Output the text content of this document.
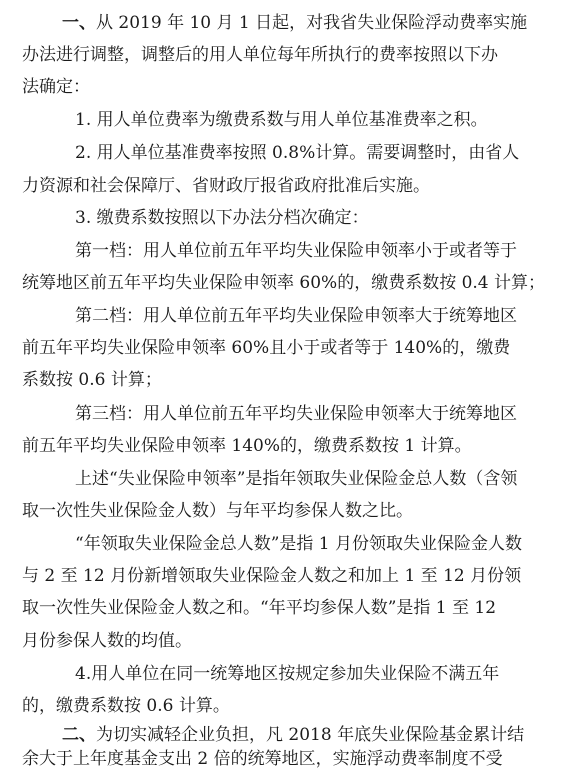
一、从 2019 年 10 月 1 日起，对我省失业保险浮动费率实施
办法进行调整，调整后的用人单位每年所执行的费率按照以下办
法确定：
1. 用人单位费率为缴费系数与用人单位基准费率之积。
2. 用人单位基准费率按照 0.8%计算。需要调整时，由省人
力资源和社会保障厅、省财政厅报省政府批准后实施。
3. 缴费系数按照以下办法分档次确定：
第一档：用人单位前五年平均失业保险申领率小于或者等于
统筹地区前五年平均失业保险申领率 60%的，缴费系数按 0.4 计算；
第二档：用人单位前五年平均失业保险申领率大于统筹地区
前五年平均失业保险申领率 60%且小于或者等于 140%的，缴费
系数按 0.6 计算；
第三档：用人单位前五年平均失业保险申领率大于统筹地区
前五年平均失业保险申领率 140%的，缴费系数按 1 计算。
上述“失业保险申领率”是指年领取失业保险金总人数（含领
取一次性失业保险金人数）与年平均参保人数之比。
“年领取失业保险金总人数”是指 1 月份领取失业保险金人数
与 2 至 12 月份新增领取失业保险金人数之和加上 1 至 12 月份领
取一次性失业保险金人数之和。“年平均参保人数”是指 1 至 12
月份参保人数的均值。
4.用人单位在同一统筹地区按规定参加失业保险不满五年
的，缴费系数按 0.6 计算。
二、为切实减轻企业负担，凡 2018 年底失业保险基金累计结
余大于上年度基金支出 2 倍的统筹地区，实施浮动费率制度不受
